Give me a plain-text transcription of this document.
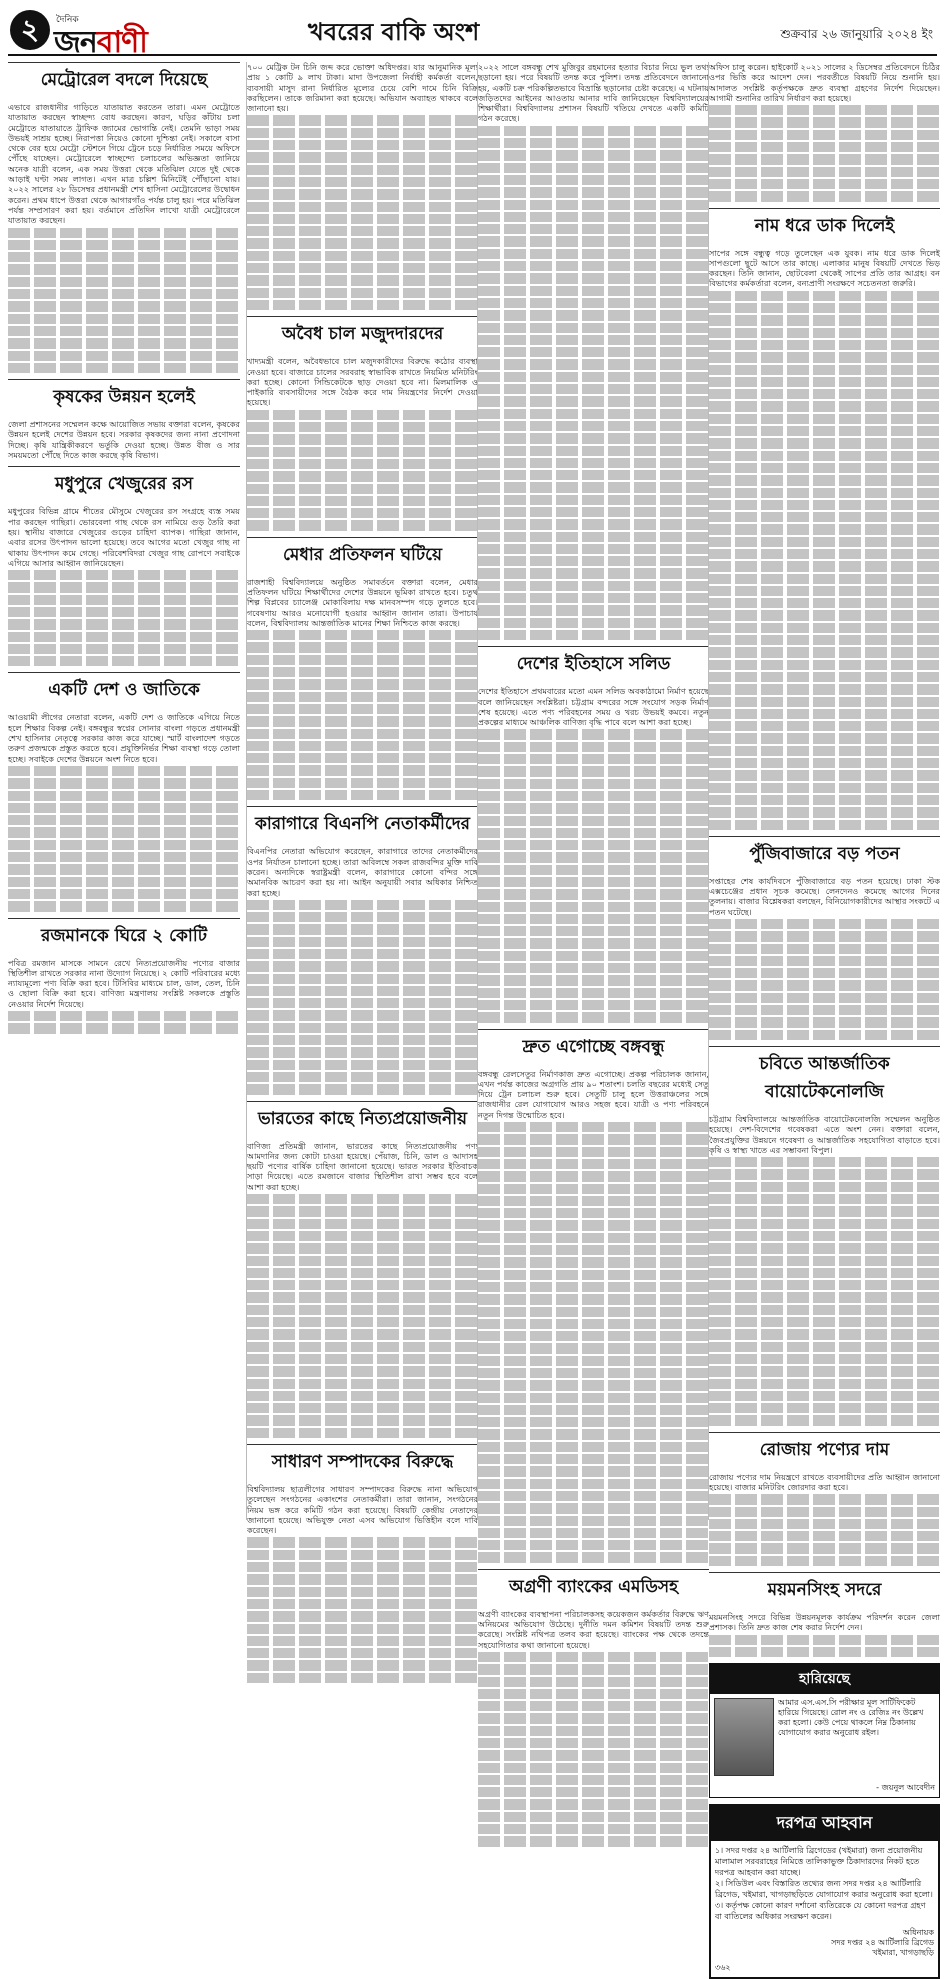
২	দৈনিক
জনবাণী	খবরের বাকি অংশ	শুক্রবার ২৬ জানুয়ারি ২০২৪ ইং
মেট্রোরেল বদলে দিয়েছে
এভাবে রাজধানীর গাড়িতে যাতায়াত করতেন তারা। এমন মেট্রোতে যাতায়াত করছেন স্বাচ্ছন্দ্য বোধ করছেন। কারণ, ঘড়ির কাঁটায় চলা মেট্রোতে যাতায়াতে ট্রাফিক জ্যামের ভোগান্তি নেই। তেমনি ভাড়া সময় উভয়ই সাশ্রয় হচ্ছে। নিরাপত্তা নিয়েও কোনো দুশ্চিন্তা নেই। সকালে বাসা থেকে বের হয়ে মেট্রো স্টেশনে গিয়ে ট্রেনে চড়ে নির্ধারিত সময়ে অফিসে পৌঁছে যাচ্ছেন। মেট্রোরেলে স্বাচ্ছন্দ্যে চলাচলের অভিজ্ঞতা জানিয়ে অনেক যাত্রী বলেন, এক সময় উত্তরা থেকে মতিঝিল যেতে দুই থেকে আড়াই ঘণ্টা সময় লাগত। এখন মাত্র চল্লিশ মিনিটেই পৌঁছানো যায়। ২০২২ সালের ২৮ ডিসেম্বর প্রধানমন্ত্রী শেখ হাসিনা মেট্রোরেলের উদ্বোধন করেন। প্রথম ধাপে উত্তরা থেকে আগারগাঁও পর্যন্ত চালু হয়। পরে মতিঝিল পর্যন্ত সম্প্রসারণ করা হয়। বর্তমানে প্রতিদিন লাখো যাত্রী মেট্রোরেলে যাতায়াত করছেন।
কৃষকের উন্নয়ন হলেই
জেলা প্রশাসনের সম্মেলন কক্ষে আয়োজিত সভায় বক্তারা বলেন, কৃষকের উন্নয়ন হলেই দেশের উন্নয়ন হবে। সরকার কৃষকদের জন্য নানা প্রণোদনা দিচ্ছে। কৃষি যান্ত্রিকীকরণে ভর্তুকি দেওয়া হচ্ছে। উন্নত বীজ ও সার সময়মতো পৌঁছে দিতে কাজ করছে কৃষি বিভাগ।
মধুপুরে খেজুরের রস
মধুপুরের বিভিন্ন গ্রামে শীতের মৌসুমে খেজুরের রস সংগ্রহে ব্যস্ত সময় পার করছেন গাছিরা। ভোরবেলা গাছ থেকে রস নামিয়ে গুড় তৈরি করা হয়। স্থানীয় বাজারে খেজুরের গুড়ের চাহিদা ব্যাপক। গাছিরা জানান, এবার রসের উৎপাদন ভালো হয়েছে। তবে আগের মতো খেজুর গাছ না থাকায় উৎপাদন কমে গেছে। পরিবেশবিদরা খেজুর গাছ রোপণে সবাইকে এগিয়ে আসার আহ্বান জানিয়েছেন।
একটি দেশ ও জাতিকে
আওয়ামী লীগের নেতারা বলেন, একটি দেশ ও জাতিকে এগিয়ে নিতে হলে শিক্ষার বিকল্প নেই। বঙ্গবন্ধুর স্বপ্নের সোনার বাংলা গড়তে প্রধানমন্ত্রী শেখ হাসিনার নেতৃত্বে সরকার কাজ করে যাচ্ছে। স্মার্ট বাংলাদেশ গড়তে তরুণ প্রজন্মকে প্রস্তুত করতে হবে। প্রযুক্তিনির্ভর শিক্ষা ব্যবস্থা গড়ে তোলা হচ্ছে। সবাইকে দেশের উন্নয়নে অংশ নিতে হবে।
রজমানকে ঘিরে ২ কোটি
পবিত্র রমজান মাসকে সামনে রেখে নিত্যপ্রয়োজনীয় পণ্যের বাজার স্থিতিশীল রাখতে সরকার নানা উদ্যোগ নিয়েছে। ২ কোটি পরিবারের মধ্যে ন্যায্যমূল্যে পণ্য বিক্রি করা হবে। টিসিবির মাধ্যমে চাল, ডাল, তেল, চিনি ও ছোলা বিক্রি করা হবে। বাণিজ্য মন্ত্রণালয় সংশ্লিষ্ট সকলকে প্রস্তুতি নেওয়ার নির্দেশ দিয়েছে।
৭০০ মেট্রিক টন চিনি জব্দ করে ভোক্তা অধিদপ্তর। যার আনুমানিক মূল্য প্রায় ১ কোটি ৯ লাখ টাকা। মাদা উপজেলা নির্বাহী কর্মকর্তা বলেন, ব্যবসায়ী মাসুদ রানা নির্ধারিত মূল্যের চেয়ে বেশি দামে চিনি বিক্রি করছিলেন। তাকে জরিমানা করা হয়েছে। অভিযান অব্যাহত থাকবে বলে জানানো হয়।
অবৈধ চাল মজুদদারদের
খাদ্যমন্ত্রী বলেন, অবৈধভাবে চাল মজুদকারীদের বিরুদ্ধে কঠোর ব্যবস্থা নেওয়া হবে। বাজারে চালের সরবরাহ স্বাভাবিক রাখতে নিয়মিত মনিটরিং করা হচ্ছে। কোনো সিন্ডিকেটকে ছাড় দেওয়া হবে না। মিলমালিক ও পাইকারি ব্যবসায়ীদের সঙ্গে বৈঠক করে দাম নিয়ন্ত্রণের নির্দেশ দেওয়া হয়েছে।
মেধার প্রতিফলন ঘটিয়ে
রাজশাহী বিশ্ববিদ্যালয়ে অনুষ্ঠিত সমাবর্তনে বক্তারা বলেন, মেধার প্রতিফলন ঘটিয়ে শিক্ষার্থীদের দেশের উন্নয়নে ভূমিকা রাখতে হবে। চতুর্থ শিল্প বিপ্লবের চ্যালেঞ্জ মোকাবিলায় দক্ষ মানবসম্পদ গড়ে তুলতে হবে। গবেষণায় আরও মনোযোগী হওয়ার আহ্বান জানান তারা। উপাচার্য বলেন, বিশ্ববিদ্যালয় আন্তর্জাতিক মানের শিক্ষা নিশ্চিতে কাজ করছে।
কারাগারে বিএনপি নেতাকর্মীদের
বিএনপির নেতারা অভিযোগ করেছেন, কারাগারে তাদের নেতাকর্মীদের ওপর নির্যাতন চালানো হচ্ছে। তারা অবিলম্বে সকল রাজবন্দির মুক্তি দাবি করেন। অন্যদিকে স্বরাষ্ট্রমন্ত্রী বলেন, কারাগারে কোনো বন্দির সঙ্গে অমানবিক আচরণ করা হয় না। আইন অনুযায়ী সবার অধিকার নিশ্চিত করা হচ্ছে।
ভারতের কাছে নিত্যপ্রয়োজনীয়
বাণিজ্য প্রতিমন্ত্রী জানান, ভারতের কাছে নিত্যপ্রয়োজনীয় পণ্য আমদানির জন্য কোটা চাওয়া হয়েছে। পেঁয়াজ, চিনি, ডাল ও আদাসহ ছয়টি পণ্যের বার্ষিক চাহিদা জানানো হয়েছে। ভারত সরকার ইতিবাচক সাড়া দিয়েছে। এতে রমজানে বাজার স্থিতিশীল রাখা সম্ভব হবে বলে আশা করা হচ্ছে।
সাধারণ সম্পাদকের বিরুদ্ধে
বিশ্ববিদ্যালয় ছাত্রলীগের সাধারণ সম্পাদকের বিরুদ্ধে নানা অভিযোগ তুলেছেন সংগঠনের একাংশের নেতাকর্মীরা। তারা জানান, সংগঠনের নিয়ম ভঙ্গ করে কমিটি গঠন করা হয়েছে। বিষয়টি কেন্দ্রীয় নেতাদের জানানো হয়েছে। অভিযুক্ত নেতা এসব অভিযোগ ভিত্তিহীন বলে দাবি করেছেন।
২০২২ সালে বঙ্গবন্ধু শেখ মুজিবুর রহমানের হত্যার বিচার নিয়ে ভুল তথ্য ছড়ানো হয়। পরে বিষয়টি তদন্ত করে পুলিশ। তদন্ত প্রতিবেদনে জানানো হয়, একটি চক্র পরিকল্পিতভাবে বিভ্রান্তি ছড়ানোর চেষ্টা করেছে। এ ঘটনায় জড়িতদের আইনের আওতায় আনার দাবি জানিয়েছেন বিশ্ববিদ্যালয়ের শিক্ষার্থীরা। বিশ্ববিদ্যালয় প্রশাসন বিষয়টি খতিয়ে দেখতে একটি কমিটি গঠন করেছে।
দেশের ইতিহাসে সলিড
দেশের ইতিহাসে প্রথমবারের মতো এমন সলিড অবকাঠামো নির্মাণ হয়েছে বলে জানিয়েছেন সংশ্লিষ্টরা। চট্টগ্রাম বন্দরের সঙ্গে সংযোগ সড়ক নির্মাণ শেষ হয়েছে। এতে পণ্য পরিবহনের সময় ও খরচ উভয়ই কমবে। নতুন প্রকল্পের মাধ্যমে আঞ্চলিক বাণিজ্য বৃদ্ধি পাবে বলে আশা করা হচ্ছে।
দ্রুত এগোচ্ছে বঙ্গবন্ধু
বঙ্গবন্ধু রেলসেতুর নির্মাণকাজ দ্রুত এগোচ্ছে। প্রকল্প পরিচালক জানান, এখন পর্যন্ত কাজের অগ্রগতি প্রায় ৯০ শতাংশ। চলতি বছরের মধ্যেই সেতু দিয়ে ট্রেন চলাচল শুরু হবে। সেতুটি চালু হলে উত্তরাঞ্চলের সঙ্গে রাজধানীর রেল যোগাযোগ আরও সহজ হবে। যাত্রী ও পণ্য পরিবহনে নতুন দিগন্ত উন্মোচিত হবে।
অগ্রণী ব্যাংকের এমডিসহ
অগ্রণী ব্যাংকের ব্যবস্থাপনা পরিচালকসহ কয়েকজন কর্মকর্তার বিরুদ্ধে ঋণ অনিয়মের অভিযোগ উঠেছে। দুর্নীতি দমন কমিশন বিষয়টি তদন্ত শুরু করেছে। সংশ্লিষ্ট নথিপত্র তলব করা হয়েছে। ব্যাংকের পক্ষ থেকে তদন্তে সহযোগিতার কথা জানানো হয়েছে।
অফিস চালু করেন। হাইকোর্ট ২০২১ সালের ২ ডিসেম্বর প্রতিবেদনে চিঠির ওপর ভিত্তি করে আদেশ দেন। পরবর্তীতে বিষয়টি নিয়ে শুনানি হয়। আদালত সংশ্লিষ্ট কর্তৃপক্ষকে দ্রুত ব্যবস্থা গ্রহণের নির্দেশ দিয়েছেন। আগামী শুনানির তারিখ নির্ধারণ করা হয়েছে।
নাম ধরে ডাক দিলেই
সাপের সঙ্গে বন্ধুত্ব গড়ে তুলেছেন এক যুবক। নাম ধরে ডাক দিলেই সাপগুলো ছুটে আসে তার কাছে। এলাকার মানুষ বিষয়টি দেখতে ভিড় করছেন। তিনি জানান, ছোটবেলা থেকেই সাপের প্রতি তার আগ্রহ। বন বিভাগের কর্মকর্তারা বলেন, বন্যপ্রাণী সংরক্ষণে সচেতনতা জরুরি।
পুঁজিবাজারে বড় পতন
সপ্তাহের শেষ কার্যদিবসে পুঁজিবাজারে বড় পতন হয়েছে। ঢাকা স্টক এক্সচেঞ্জের প্রধান সূচক কমেছে। লেনদেনও কমেছে আগের দিনের তুলনায়। বাজার বিশ্লেষকরা বলছেন, বিনিয়োগকারীদের আস্থার সংকটে এ পতন ঘটেছে।
চবিতে আন্তর্জাতিক বায়োটেকনোলজি
চট্টগ্রাম বিশ্ববিদ্যালয়ে আন্তর্জাতিক বায়োটেকনোলজি সম্মেলন অনুষ্ঠিত হয়েছে। দেশ-বিদেশের গবেষকরা এতে অংশ নেন। বক্তারা বলেন, জৈবপ্রযুক্তির উন্নয়নে গবেষণা ও আন্তর্জাতিক সহযোগিতা বাড়াতে হবে। কৃষি ও স্বাস্থ্য খাতে এর সম্ভাবনা বিপুল।
রোজায় পণ্যের দাম
রোজায় পণ্যের দাম নিয়ন্ত্রণে রাখতে ব্যবসায়ীদের প্রতি আহ্বান জানানো হয়েছে। বাজার মনিটরিং জোরদার করা হবে।
ময়মনসিংহ সদরে
ময়মনসিংহ সদরে বিভিন্ন উন্নয়নমূলক কার্যক্রম পরিদর্শন করেন জেলা প্রশাসক। তিনি দ্রুত কাজ শেষ করার নির্দেশ দেন।
হারিয়েছে
আমার এস.এস.সি পরীক্ষার মূল সার্টিফিকেট হারিয়ে গিয়েছে। রোল নং ও রেজিঃ নং উল্লেখ করা হলো। কেউ পেয়ে থাকলে নিম্ন ঠিকানায় যোগাযোগ করার অনুরোধ রইল।
- জয়নুল আবেদীন
দরপত্র আহবান
১। সদর দপ্তর ২৪ আর্টিলারি ব্রিগেডের (খইমারা) জন্য প্রয়োজনীয় মালামাল সরবরাহের নিমিত্তে তালিকাভুক্ত ঠিকাদারদের নিকট হতে দরপত্র আহবান করা যাচ্ছে।
২। সিডিউল এবং বিস্তারিত তথ্যের জন্য সদর দপ্তর ২৪ আর্টিলারি ব্রিগেড, খইমারা, খাগড়াছড়িতে যোগাযোগ করার অনুরোধ করা হলো।
৩। কর্তৃপক্ষ কোনো কারণ দর্শানো ব্যতিরেকে যে কোনো দরপত্র গ্রহণ বা বাতিলের অধিকার সংরক্ষণ করেন।
অধিনায়ক
সদর দপ্তর ২৪ আর্টিলারি ব্রিগেড
খইমারা, খাগড়াছড়ি
৩৬২
